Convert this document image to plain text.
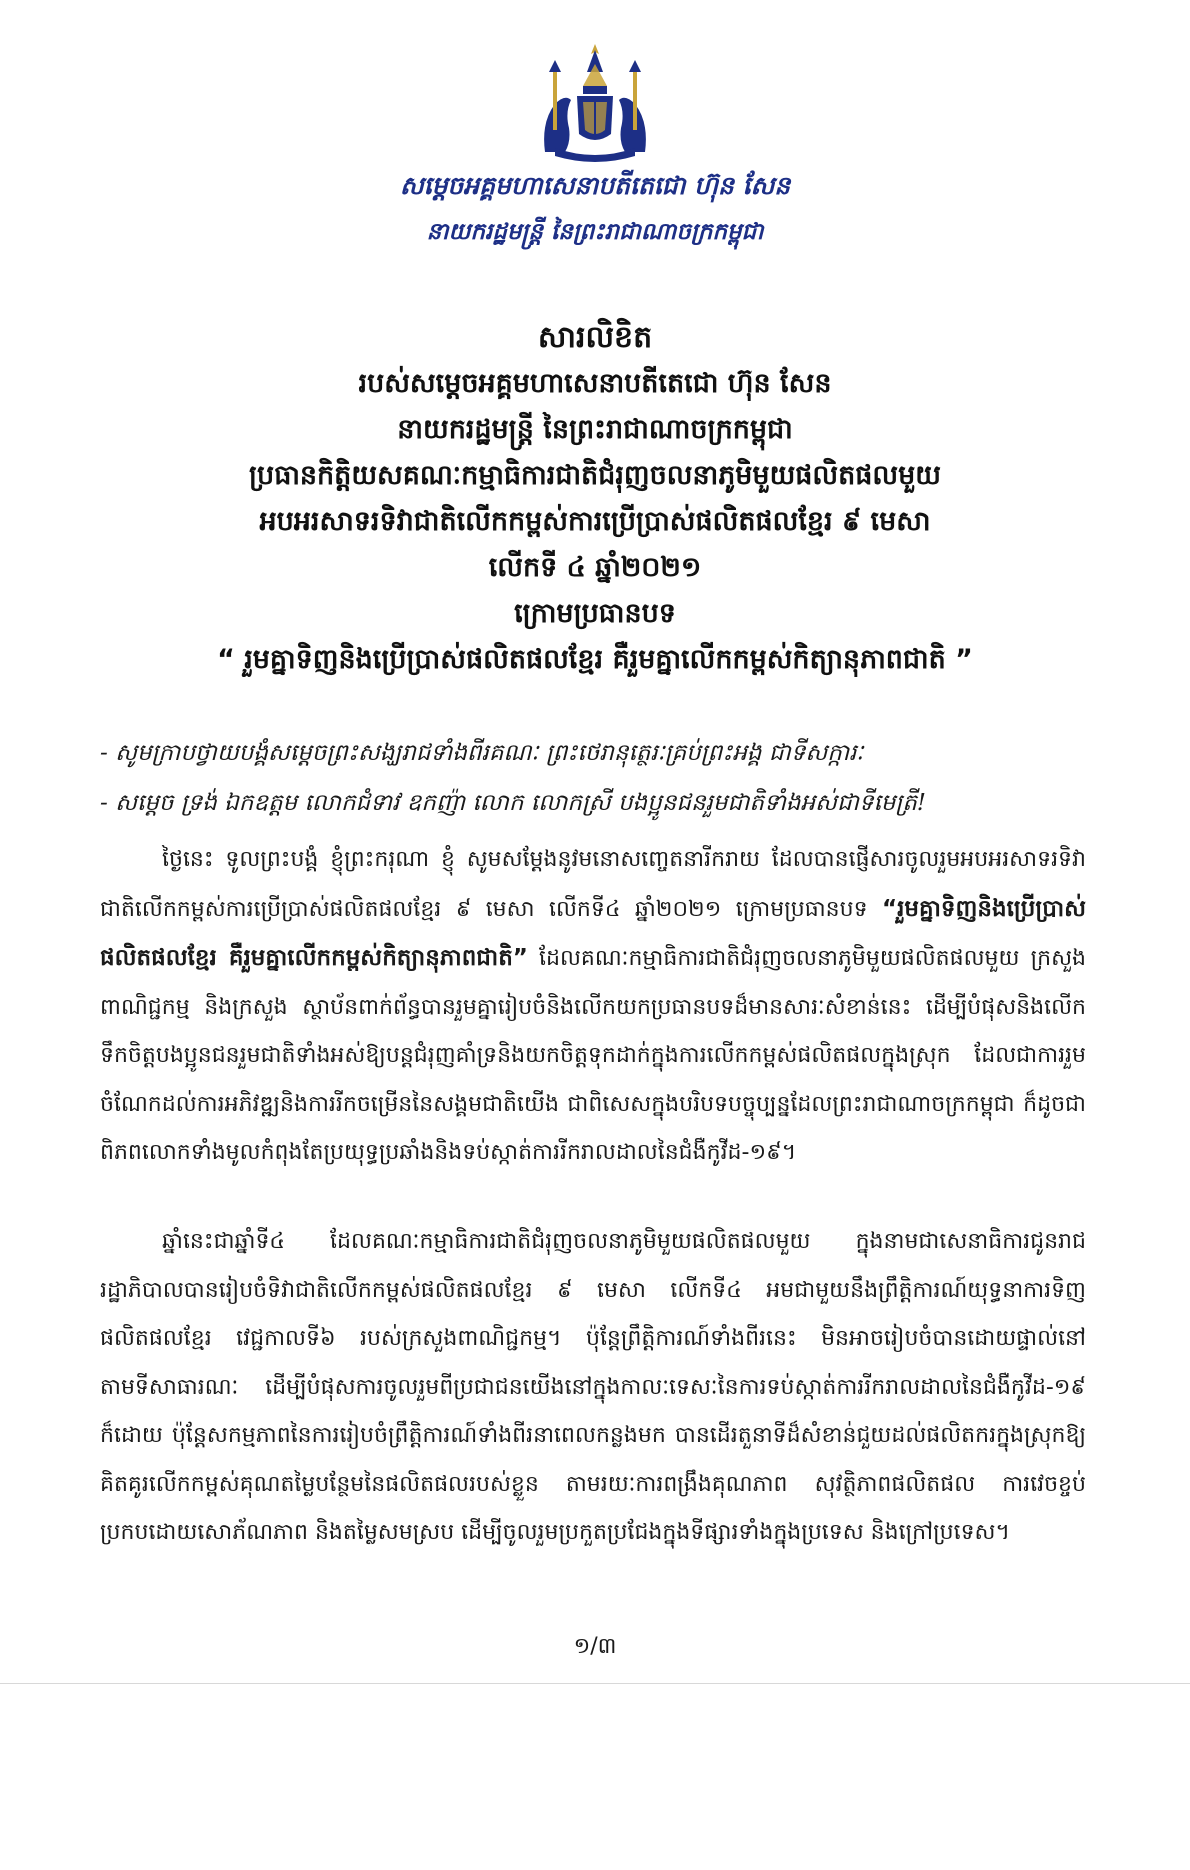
សម្តេចអគ្គមហាសេនាបតីតេជោ ហ៊ុន សែន
នាយករដ្ឋមន្ត្រី នៃព្រះរាជាណាចក្រកម្ពុជា
សារលិខិត
របស់សម្តេចអគ្គមហាសេនាបតីតេជោ ហ៊ុន សែន
នាយករដ្ឋមន្ត្រី នៃព្រះរាជាណាចក្រកម្ពុជា
ប្រធានកិត្តិយសគណៈកម្មាធិការជាតិជំរុញចលនាភូមិមួយផលិតផលមួយ
អបអរសាទរទិវាជាតិលើកកម្ពស់ការប្រើប្រាស់ផលិតផលខ្មែរ ៩ មេសា
លើកទី ៤ ឆ្នាំ២០២១
ក្រោមប្រធានបទ
“ រួមគ្នាទិញនិងប្រើប្រាស់ផលិតផលខ្មែរ គឺរួមគ្នាលើកកម្ពស់កិត្យានុភាពជាតិ ”
- សូមក្រាបថ្វាយបង្គំសម្តេចព្រះសង្ឃរាជទាំងពីរគណៈ ព្រះថេរានុត្ថេរៈគ្រប់ព្រះអង្គ ជាទីសក្ការៈ
- សម្តេច ទ្រង់ ឯកឧត្តម លោកជំទាវ ឧកញ៉ា លោក លោកស្រី បងប្អូនជនរួមជាតិទាំងអស់ជាទីមេត្រី!
ថ្ងៃនេះ ទូលព្រះបង្គំ ខ្ញុំព្រះករុណា ខ្ញុំ សូមសម្តែងនូវមនោសញ្ចេតនារីករាយ ដែលបានផ្ញើសារចូលរួមអបអរសាទរទិវាជាតិលើកកម្ពស់ការប្រើប្រាស់ផលិតផលខ្មែរ ៩ មេសា លើកទី៤ ឆ្នាំ២០២១ ក្រោមប្រធានបទ “រួមគ្នាទិញនិងប្រើប្រាស់ផលិតផលខ្មែរ គឺរួមគ្នាលើកកម្ពស់កិត្យានុភាពជាតិ” ដែលគណៈកម្មាធិការជាតិជំរុញចលនាភូមិមួយផលិតផលមួយ ក្រសួងពាណិជ្ជកម្ម និងក្រសួង ស្ថាប័នពាក់ព័ន្ធបានរួមគ្នារៀបចំនិងលើកយកប្រធានបទដ៏មានសារៈសំខាន់នេះ ដើម្បីបំផុសនិងលើកទឹកចិត្តបងប្អូនជនរួមជាតិទាំងអស់ឱ្យបន្តជំរុញគាំទ្រនិងយកចិត្តទុកដាក់ក្នុងការលើកកម្ពស់ផលិតផលក្នុងស្រុក ដែលជាការរួមចំណែកដល់ការអភិវឌ្ឍនិងការរីកចម្រើននៃសង្គមជាតិយើង ជាពិសេសក្នុងបរិបទបច្ចុប្បន្នដែលព្រះរាជាណាចក្រកម្ពុជា ក៏ដូចជាពិភពលោកទាំងមូលកំពុងតែប្រយុទ្ធប្រឆាំងនិងទប់ស្កាត់ការរីករាលដាលនៃជំងឺកូវីដ-១៩។
ឆ្នាំនេះជាឆ្នាំទី៤ ដែលគណៈកម្មាធិការជាតិជំរុញចលនាភូមិមួយផលិតផលមួយ ក្នុងនាមជាសេនាធិការជូនរាជរដ្ឋាភិបាលបានរៀបចំទិវាជាតិលើកកម្ពស់ផលិតផលខ្មែរ ៩ មេសា លើកទី៤ អមជាមួយនឹងព្រឹត្តិការណ៍យុទ្ធនាការទិញផលិតផលខ្មែរ វេជ្ជកាលទី៦ របស់ក្រសួងពាណិជ្ជកម្ម។ ប៉ុន្តែព្រឹត្តិការណ៍ទាំងពីរនេះ មិនអាចរៀបចំបានដោយផ្ទាល់នៅតាមទីសាធារណៈ ដើម្បីបំផុសការចូលរួមពីប្រជាជនយើងនៅក្នុងកាលៈទេសៈនៃការទប់ស្កាត់ការរីករាលដាលនៃជំងឺកូវីដ-១៩ ក៏ដោយ ប៉ុន្តែសកម្មភាពនៃការរៀបចំព្រឹត្តិការណ៍ទាំងពីរនាពេលកន្លងមក បានដើរតួនាទីដ៏សំខាន់ជួយដល់ផលិតករក្នុងស្រុកឱ្យគិតគូរលើកកម្ពស់គុណតម្លៃបន្ថែមនៃផលិតផលរបស់ខ្លួន តាមរយៈការពង្រឹងគុណភាព សុវត្ថិភាពផលិតផល ការវេចខ្ចប់ប្រកបដោយសោភ័ណភាព និងតម្លៃសមស្រប ដើម្បីចូលរួមប្រកួតប្រជែងក្នុងទីផ្សារទាំងក្នុងប្រទេស និងក្រៅប្រទេស។
១/៣
